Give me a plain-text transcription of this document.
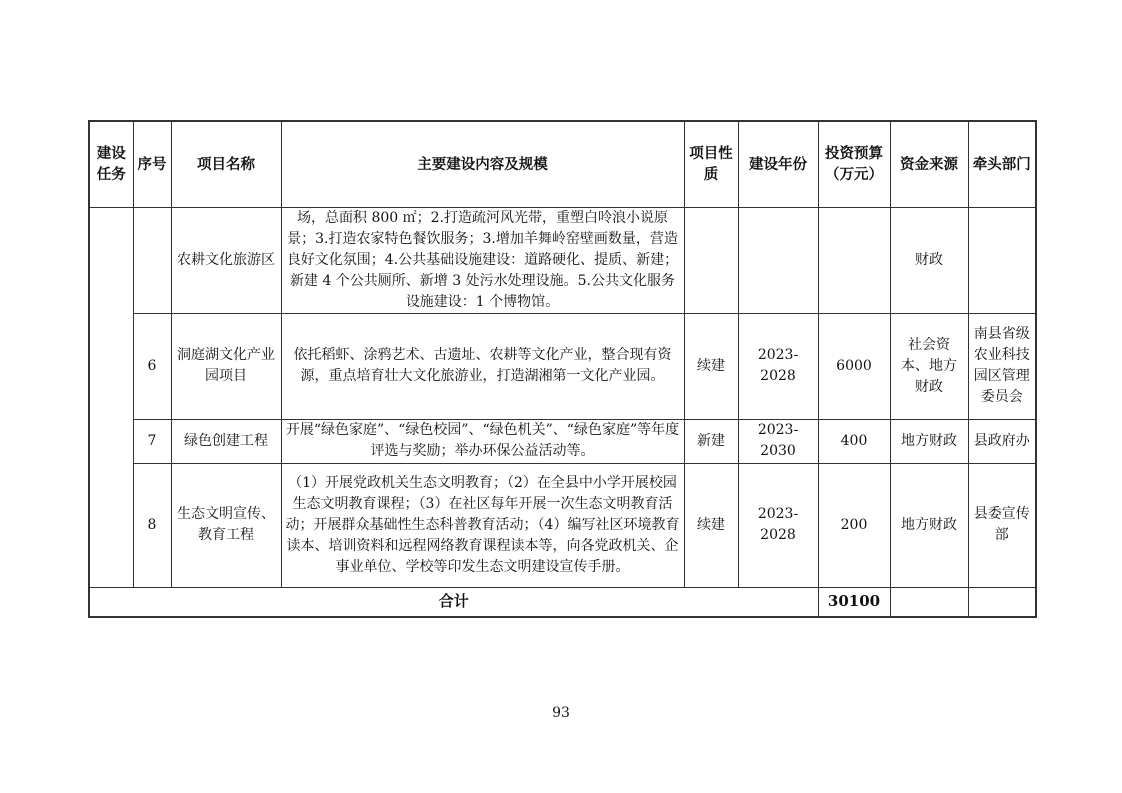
建设任务	序号	项目名称	主要建设内容及规模	项目性质	建设年份	投资预算（万元）	资金来源	牵头部门
		农耕文化旅游区	场，总面积 800 ㎡；2.打造疏河风光带，重塑白呤浪小说原景；3.打造农家特色餐饮服务；3.增加羊舞岭窑壁画数量，营造良好文化氛围；4.公共基础设施建设：道路硬化、提质、新建；新建 4 个公共厕所、新增 3 处污水处理设施。5.公共文化服务设施建设：1 个博物馆。				财政	
	6	洞庭湖文化产业园项目	依托稻虾、涂鸦艺术、古遗址、农耕等文化产业，整合现有资源，重点培育壮大文化旅游业，打造湖湘第一文化产业园。	续建	2023-2028	6000	社会资本、地方财政	南县省级农业科技园区管理委员会
	7	绿色创建工程	开展“绿色家庭”、“绿色校园”、“绿色机关”、“绿色家庭”等年度评选与奖励；举办环保公益活动等。	新建	2023-2030	400	地方财政	县政府办
	8	生态文明宣传、教育工程	（1）开展党政机关生态文明教育；（2）在全县中小学开展校园生态文明教育课程；（3）在社区每年开展一次生态文明教育活动；开展群众基础性生态科普教育活动；（4）编写社区环境教育读本、培训资料和远程网络教育课程读本等，向各党政机关、企事业单位、学校等印发生态文明建设宣传手册。	续建	2023-2028	200	地方财政	县委宣传部
合计						30100		
93
